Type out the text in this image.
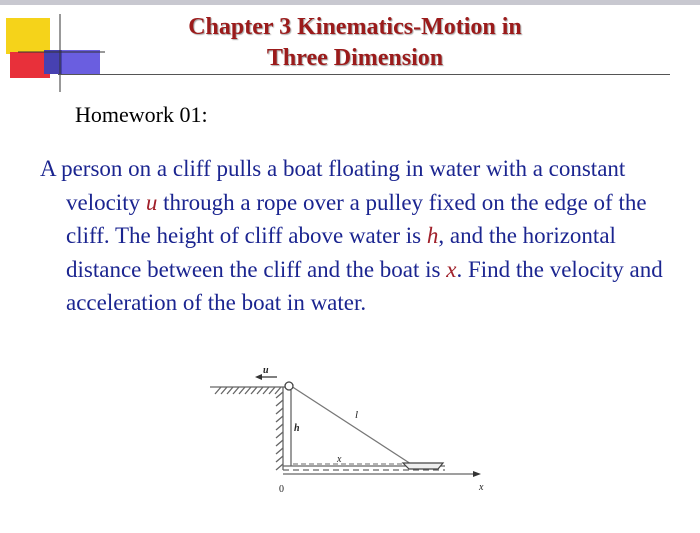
Chapter 3 Kinematics-Motion in
Three Dimension
Homework 01:
A person on a cliff pulls a boat floating in water with a constant velocity u through a rope over a pulley fixed on the edge of the cliff. The height of cliff above water is h, and the horizontal distance between the cliff and the boat is x. Find the velocity and acceleration of the boat in water.
u
l
h
x
x
0
